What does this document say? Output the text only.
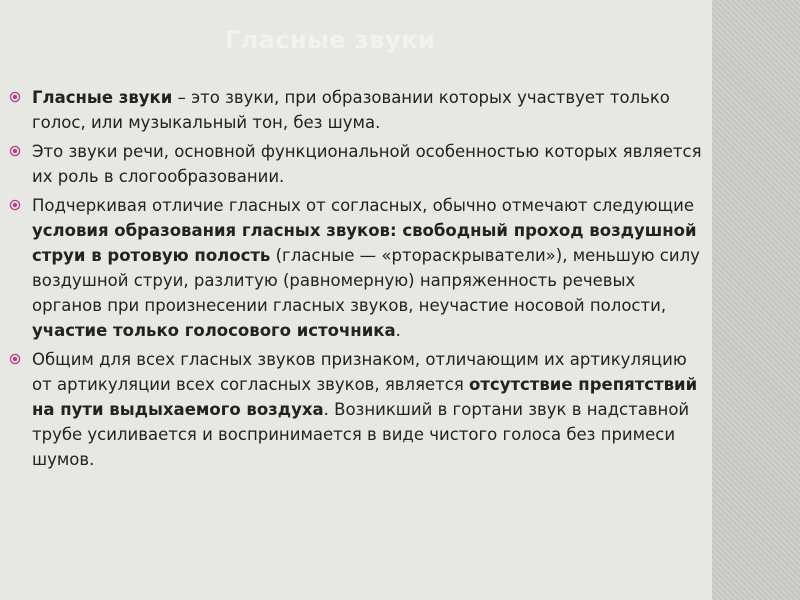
Гласные звуки
Гласные звуки – это звуки, при образовании которых участвует только голос, или музыкальный тон, без шума.
Это звуки речи, основной функциональной особенностью которых является их роль в слогообразовании.
Подчеркивая отличие гласных от согласных, обычно отмечают следующие условия образования гласных звуков: свободный проход воздушной струи в ротовую полость (гласные — «ртораскрыватели»), меньшую силу воздушной струи, разлитую (равномерную) напряженность речевых органов при произнесении гласных звуков, неучастие носовой полости, участие только голосового источника.
Общим для всех гласных звуков признаком, отличающим их артикуляцию от артикуляции всех согласных звуков, является отсутствие препятствий на пути выдыхаемого воздуха. Возникший в гортани звук в надставной трубе усиливается и воспринимается в виде чистого голоса без примеси шумов.
